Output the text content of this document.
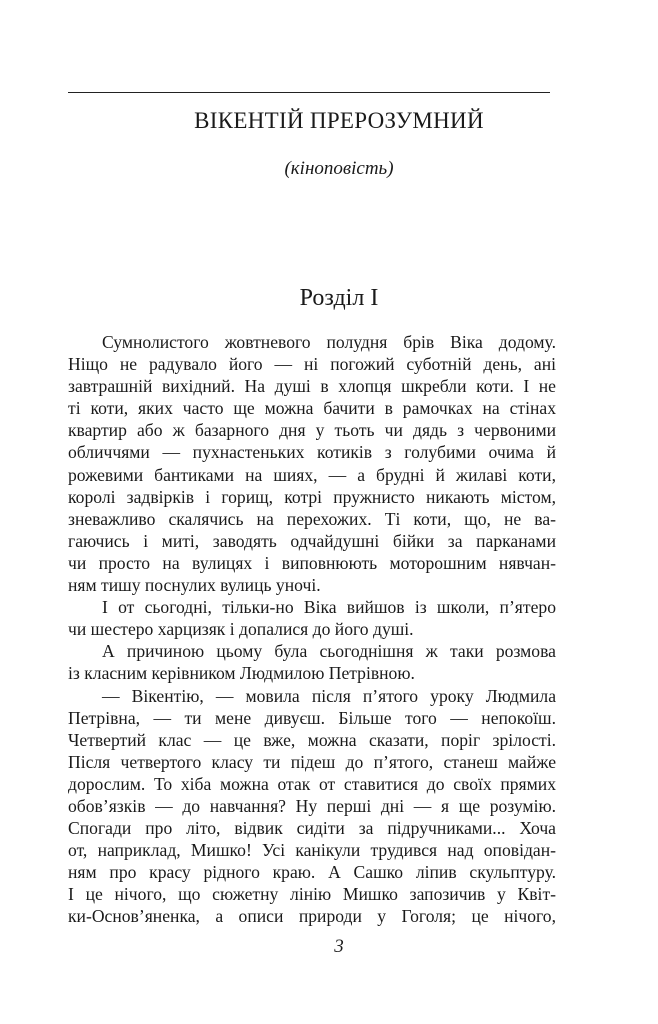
ВІКЕНТІЙ ПРЕРОЗУМНИЙ
(кіноповість)
Розділ I
Сумнолистого жовтневого полудня брів Віка додому.
Ніщо не радувало його — ні погожий суботній день, ані
завтрашній вихідний. На душі в хлопця шкребли коти. І не
ті коти, яких часто ще можна бачити в рамочках на стінах
квартир або ж базарного дня у тьоть чи дядь з червоними
обличчями — пухнастеньких котиків з голубими очима й
рожевими бантиками на шиях, — а брудні й жилаві коти,
королі задвірків і горищ, котрі пружнисто никають містом,
зневажливо скалячись на перехожих. Ті коти, що, не ва-
гаючись і миті, заводять одчайдушні бійки за парканами
чи просто на вулицях і виповнюють моторошним нявчан-
ням тишу поснулих вулиць уночі.
І от сьогодні, тільки-но Віка вийшов із школи, п’ятеро
чи шестеро харцизяк і допалися до його душі.
А причиною цьому була сьогоднішня ж таки розмова
із класним керівником Людмилою Петрівною.
— Вікентію, — мовила після п’ятого уроку Людмила
Петрівна, — ти мене дивуєш. Більше того — непокоїш.
Четвертий клас — це вже, можна сказати, поріг зрілості.
Після четвертого класу ти підеш до п’ятого, станеш майже
дорослим. То хіба можна отак от ставитися до своїх прямих
обов’язків — до навчання? Ну перші дні — я ще розумію.
Спогади про літо, відвик сидіти за підручниками... Хоча
от, наприклад, Мишко! Усі канікули трудився над оповідан-
ням про красу рідного краю. А Сашко ліпив скульптуру.
І це нічого, що сюжетну лінію Мишко запозичив у Квіт-
ки-Основ’яненка, а описи природи у Гоголя; це нічого,
3
